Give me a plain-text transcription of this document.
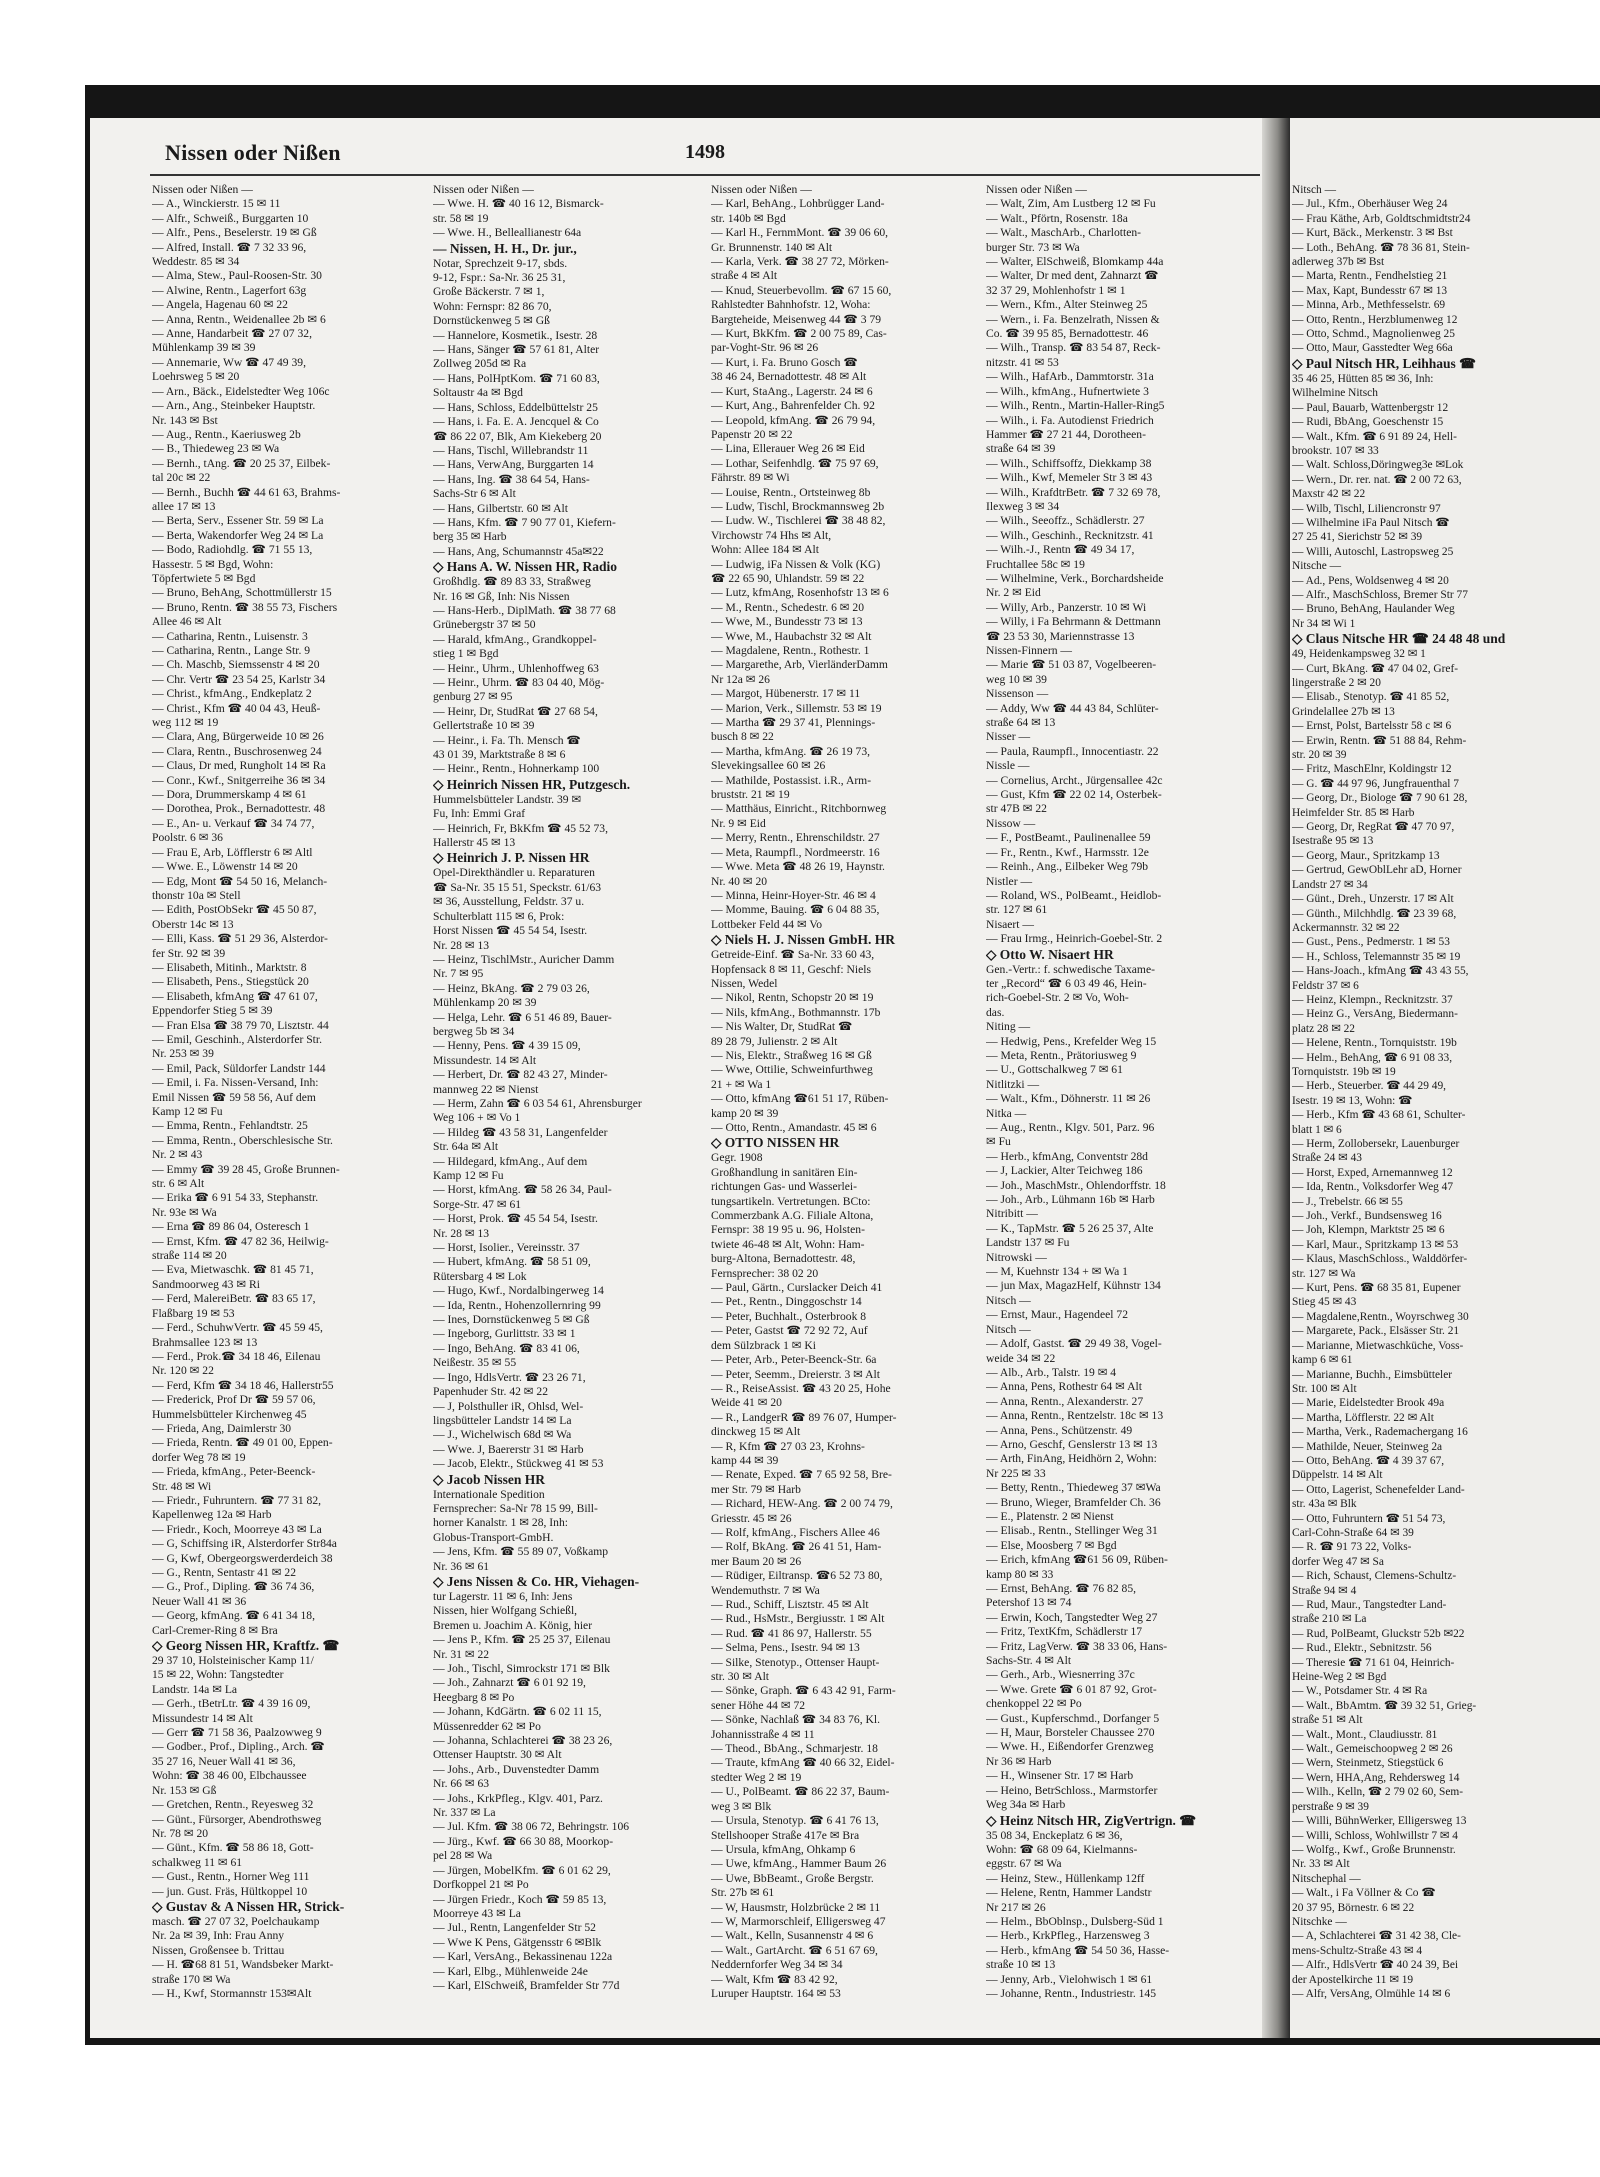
Nissen oder Nißen	1498
Nissen oder Nißen —
— A., Winckierstr. 15 ✉ 11
— Alfr., Schweiß., Burggarten 10
— Alfr., Pens., Beselerstr. 19 ✉ Gß
— Alfred, Install. ☎ 7 32 33 96,
Weddestr. 85 ✉ 34
— Alma, Stew., Paul-Roosen-Str. 30
— Alwine, Rentn., Lagerfort 63g
— Angela, Hagenau 60 ✉ 22
— Anna, Rentn., Weidenallee 2b ✉ 6
— Anne, Handarbeit ☎ 27 07 32,
Mühlenkamp 39 ✉ 39
— Annemarie, Ww ☎ 47 49 39,
Loehrsweg 5 ✉ 20
— Arn., Bäck., Eidelstedter Weg 106c
— Arn., Ang., Steinbeker Hauptstr.
Nr. 143 ✉ Bst
— Aug., Rentn., Kaeriusweg 2b
— B., Thiedeweg 23 ✉ Wa
— Bernh., tAng. ☎ 20 25 37, Eilbek-
tal 20c ✉ 22
— Bernh., Buchh ☎ 44 61 63, Brahms-
allee 17 ✉ 13
— Berta, Serv., Essener Str. 59 ✉ La
— Berta, Wakendorfer Weg 24 ✉ La
— Bodo, Radiohdlg. ☎ 71 55 13,
Hassestr. 5 ✉ Bgd, Wohn:
Töpfertwiete 5 ✉ Bgd
— Bruno, BehAng, Schottmüllerstr 15
— Bruno, Rentn. ☎ 38 55 73, Fischers
Allee 46 ✉ Alt
— Catharina, Rentn., Luisenstr. 3
— Catharina, Rentn., Lange Str. 9
— Ch. Maschb, Siemssenstr 4 ✉ 20
— Chr. Vertr ☎ 23 54 25, Karlstr 34
— Christ., kfmAng., Endkeplatz 2
— Christ., Kfm ☎ 40 04 43, Heuß-
weg 112 ✉ 19
— Clara, Ang, Bürgerweide 10 ✉ 26
— Clara, Rentn., Buschrosenweg 24
— Claus, Dr med, Rungholt 14 ✉ Ra
— Conr., Kwf., Snitgerreihe 36 ✉ 34
— Dora, Drummerskamp 4 ✉ 61
— Dorothea, Prok., Bernadottestr. 48
— E., An- u. Verkauf ☎ 34 74 77,
Poolstr. 6 ✉ 36
— Frau E, Arb, Löfflerstr 6 ✉ Altl
— Wwe. E., Löwenstr 14 ✉ 20
— Edg, Mont ☎ 54 50 16, Melanch-
thonstr 10a ✉ Stell
— Edith, PostObSekr ☎ 45 50 87,
Oberstr 14c ✉ 13
— Elli, Kass. ☎ 51 29 36, Alsterdor-
fer Str. 92 ✉ 39
— Elisabeth, Mitinh., Marktstr. 8
— Elisabeth, Pens., Stiegstück 20
— Elisabeth, kfmAng ☎ 47 61 07,
Eppendorfer Stieg 5 ✉ 39
— Fran Elsa ☎ 38 79 70, Lisztstr. 44
— Emil, Geschinh., Alsterdorfer Str.
Nr. 253 ✉ 39
— Emil, Pack, Süldorfer Landstr 144
— Emil, i. Fa. Nissen-Versand, Inh:
Emil Nissen ☎ 59 58 56, Auf dem
Kamp 12 ✉ Fu
— Emma, Rentn., Fehlandtstr. 25
— Emma, Rentn., Oberschlesische Str.
Nr. 2 ✉ 43
— Emmy ☎ 39 28 45, Große Brunnen-
str. 6 ✉ Alt
— Erika ☎ 6 91 54 33, Stephanstr.
Nr. 93e ✉ Wa
— Erna ☎ 89 86 04, Osteresch 1
— Ernst, Kfm. ☎ 47 82 36, Heilwig-
straße 114 ✉ 20
— Eva, Mietwaschk. ☎ 81 45 71,
Sandmoorweg 43 ✉ Ri
— Ferd, MalereiBetr. ☎ 83 65 17,
Flaßbarg 19 ✉ 53
— Ferd., SchuhwVertr. ☎ 45 59 45,
Brahmsallee 123 ✉ 13
— Ferd., Prok.☎ 34 18 46, Eilenau
Nr. 120 ✉ 22
— Ferd, Kfm ☎ 34 18 46, Hallerstr55
— Frederick, Prof Dr ☎ 59 57 06,
Hummelsbütteler Kirchenweg 45
— Frieda, Ang, Daimlerstr 30
— Frieda, Rentn. ☎ 49 01 00, Eppen-
dorfer Weg 78 ✉ 19
— Frieda, kfmAng., Peter-Beenck-
Str. 48 ✉ Wi
— Friedr., Fuhruntern. ☎ 77 31 82,
Kapellenweg 12a ✉ Harb
— Friedr., Koch, Moorreye 43 ✉ La
— G, Schiffsing iR, Alsterdorfer Str84a
— G, Kwf, Obergeorgswerderdeich 38
— G., Rentn, Sentastr 41 ✉ 22
— G., Prof., Dipling. ☎ 36 74 36,
Neuer Wall 41 ✉ 36
— Georg, kfmAng. ☎ 6 41 34 18,
Carl-Cremer-Ring 8 ✉ Bra
◇ Georg Nissen HR, Kraftfz. ☎
29 37 10, Holsteinischer Kamp 11/
15 ✉ 22, Wohn: Tangstedter
Landstr. 14a ✉ La
— Gerh., tBetrLtr. ☎ 4 39 16 09,
Missundestr 14 ✉ Alt
— Gerr ☎ 71 58 36, Paalzowweg 9
— Godber., Prof., Dipling., Arch. ☎
35 27 16, Neuer Wall 41 ✉ 36,
Wohn: ☎ 38 46 00, Elbchaussee
Nr. 153 ✉ Gß
— Gretchen, Rentn., Reyesweg 32
— Günt., Fürsorger, Abendrothsweg
Nr. 78 ✉ 20
— Günt., Kfm. ☎ 58 86 18, Gott-
schalkweg 11 ✉ 61
— Gust., Rentn., Horner Weg 111
— jun. Gust. Fräs, Hültkoppel 10
◇ Gustav & A Nissen HR, Strick-
masch. ☎ 27 07 32, Poelchaukamp
Nr. 2a ✉ 39, Inh: Frau Anny
Nissen, Großensee b. Trittau
— H. ☎68 81 51, Wandsbeker Markt-
straße 170 ✉ Wa
— H., Kwf, Stormannstr 153✉Alt
Nissen oder Nißen —
— Wwe. H. ☎ 40 16 12, Bismarck-
str. 58 ✉ 19
— Wwe. H., Belleallianestr 64a
— Nissen, H. H., Dr. jur.,
Notar, Sprechzeit 9-17, sbds.
9-12, Fspr.: Sa-Nr. 36 25 31,
Große Bäckerstr. 7 ✉ 1,
Wohn: Fernspr: 82 86 70,
Dornstückenweg 5 ✉ Gß
— Hannelore, Kosmetik., Isestr. 28
— Hans, Sänger ☎ 57 61 81, Alter
Zollweg 205d ✉ Ra
— Hans, PolHptKom. ☎ 71 60 83,
Soltaustr 4a ✉ Bgd
— Hans, Schloss, Eddelbüttelstr 25
— Hans, i. Fa. E. A. Jencquel & Co
☎ 86 22 07, Blk, Am Kiekeberg 20
— Hans, Tischl, Willebrandstr 11
— Hans, VerwAng, Burggarten 14
— Hans, Ing. ☎ 38 64 54, Hans-
Sachs-Str 6 ✉ Alt
— Hans, Gilbertstr. 60 ✉ Alt
— Hans, Kfm. ☎ 7 90 77 01, Kiefern-
berg 35 ✉ Harb
— Hans, Ang, Schumannstr 45a✉22
◇ Hans A. W. Nissen HR, Radio
Großhdlg. ☎ 89 83 33, Straßweg
Nr. 16 ✉ Gß, Inh: Nis Nissen
— Hans-Herb., DiplMath. ☎ 38 77 68
Grünebergstr 37 ✉ 50
— Harald, kfmAng., Grandkoppel-
stieg 1 ✉ Bgd
— Heinr., Uhrm., Uhlenhoffweg 63
— Heinr., Uhrm. ☎ 83 04 40, Mög-
genburg 27 ✉ 95
— Heinr, Dr, StudRat ☎ 27 68 54,
Gellertstraße 10 ✉ 39
— Heinr., i. Fa. Th. Mensch ☎
43 01 39, Marktstraße 8 ✉ 6
— Heinr., Rentn., Hohnerkamp 100
◇ Heinrich Nissen HR, Putzgesch.
Hummelsbütteler Landstr. 39 ✉
Fu, Inh: Emmi Graf
— Heinrich, Fr, BkKfm ☎ 45 52 73,
Hallerstr 45 ✉ 13
◇ Heinrich J. P. Nissen HR
Opel-Direkthändler u. Reparaturen
☎ Sa-Nr. 35 15 51, Speckstr. 61/63
✉ 36, Ausstellung, Feldstr. 37 u.
Schulterblatt 115 ✉ 6, Prok:
Horst Nissen ☎ 45 54 54, Isestr.
Nr. 28 ✉ 13
— Heinz, TischlMstr., Auricher Damm
Nr. 7 ✉ 95
— Heinz, BkAng. ☎ 2 79 03 26,
Mühlenkamp 20 ✉ 39
— Helga, Lehr. ☎ 6 51 46 89, Bauer-
bergweg 5b ✉ 34
— Henny, Pens. ☎ 4 39 15 09,
Missundestr. 14 ✉ Alt
— Herbert, Dr. ☎ 82 43 27, Minder-
mannweg 22 ✉ Nienst
— Herm, Zahn ☎ 6 03 54 61, Ahrensburger
Weg 106 + ✉ Vo 1
— Hildeg ☎ 43 58 31, Langenfelder
Str. 64a ✉ Alt
— Hildegard, kfmAng., Auf dem
Kamp 12 ✉ Fu
— Horst, kfmAng. ☎ 58 26 34, Paul-
Sorge-Str. 47 ✉ 61
— Horst, Prok. ☎ 45 54 54, Isestr.
Nr. 28 ✉ 13
— Horst, Isolier., Vereinsstr. 37
— Hubert, kfmAng. ☎ 58 51 09,
Rütersbarg 4 ✉ Lok
— Hugo, Kwf., Nordalbingerweg 14
— Ida, Rentn., Hohenzollernring 99
— Ines, Dornstückenweg 5 ✉ Gß
— Ingeborg, Gurlittstr. 33 ✉ 1
— Ingo, BehAng. ☎ 83 41 06,
Neißestr. 35 ✉ 55
— Ingo, HdlsVertr. ☎ 23 26 71,
Papenhuder Str. 42 ✉ 22
— J, Polsthuller iR, Ohlsd, Wel-
lingsbütteler Landstr 14 ✉ La
— J., Wichelwisch 68d ✉ Wa
— Wwe. J, Baererstr 31 ✉ Harb
— Jacob, Elektr., Stückweg 41 ✉ 53
◇ Jacob Nissen HR
Internationale Spedition
Fernsprecher: Sa-Nr 78 15 99, Bill-
horner Kanalstr. 1 ✉ 28, Inh:
Globus-Transport-GmbH.
— Jens, Kfm. ☎ 55 89 07, Voßkamp
Nr. 36 ✉ 61
◇ Jens Nissen & Co. HR, Viehagen-
tur Lagerstr. 11 ✉ 6, Inh: Jens
Nissen, hier Wolfgang Schießl,
Bremen u. Joachim A. König, hier
— Jens P., Kfm. ☎ 25 25 37, Eilenau
Nr. 31 ✉ 22
— Joh., Tischl, Simrockstr 171 ✉ Blk
— Joh., Zahnarzt ☎ 6 01 92 19,
Heegbarg 8 ✉ Po
— Johann, KdGärtn. ☎ 6 02 11 15,
Müssenredder 62 ✉ Po
— Johanna, Schlachterei ☎ 38 23 26,
Ottenser Hauptstr. 30 ✉ Alt
— Johs., Arb., Duvenstedter Damm
Nr. 66 ✉ 63
— Johs., KrkPfleg., Klgv. 401, Parz.
Nr. 337 ✉ La
— Jul. Kfm. ☎ 38 06 72, Behringstr. 106
— Jürg., Kwf. ☎ 66 30 88, Moorkop-
pel 28 ✉ Wa
— Jürgen, MobelKfm. ☎ 6 01 62 29,
Dorfkoppel 21 ✉ Po
— Jürgen Friedr., Koch ☎ 59 85 13,
Moorreye 43 ✉ La
— Jul., Rentn, Langenfelder Str 52
— Wwe K Pens, Gätgensstr 6 ✉Blk
— Karl, VersAng., Bekassinenau 122a
— Karl, Elbg., Mühlenweide 24e
— Karl, ElSchweiß, Bramfelder Str 77d
Nissen oder Nißen —
— Karl, BehAng., Lohbrügger Land-
str. 140b ✉ Bgd
— Karl H., FernmMont. ☎ 39 06 60,
Gr. Brunnenstr. 140 ✉ Alt
— Karla, Verk. ☎ 38 27 72, Mörken-
straße 4 ✉ Alt
— Knud, Steuerbevollm. ☎ 67 15 60,
Rahlstedter Bahnhofstr. 12, Woha:
Bargteheide, Meisenweg 44 ☎ 3 79
— Kurt, BkKfm. ☎ 2 00 75 89, Cas-
par-Voght-Str. 96 ✉ 26
— Kurt, i. Fa. Bruno Gosch ☎
38 46 24, Bernadottestr. 48 ✉ Alt
— Kurt, StaAng., Lagerstr. 24 ✉ 6
— Kurt, Ang., Bahrenfelder Ch. 92
— Leopold, kfmAng. ☎ 26 79 94,
Papenstr 20 ✉ 22
— Lina, Ellerauer Weg 26 ✉ Eid
— Lothar, Seifenhdlg. ☎ 75 97 69,
Fährstr. 89 ✉ Wi
— Louise, Rentn., Ortsteinweg 8b
— Ludw, Tischl, Brockmannsweg 2b
— Ludw. W., Tischlerei ☎ 38 48 82,
Virchowstr 74 Hhs ✉ Alt,
Wohn: Allee 184 ✉ Alt
— Ludwig, iFa Nissen & Volk (KG)
☎ 22 65 90, Uhlandstr. 59 ✉ 22
— Lutz, kfmAng, Rosenhofstr 13 ✉ 6
— M., Rentn., Schedestr. 6 ✉ 20
— Wwe, M., Bundesstr 73 ✉ 13
— Wwe, M., Haubachstr 32 ✉ Alt
— Magdalene, Rentn., Rothestr. 1
— Margarethe, Arb, VierländerDamm
Nr 12a ✉ 26
— Margot, Hübenerstr. 17 ✉ 11
— Marion, Verk., Sillemstr. 53 ✉ 19
— Martha ☎ 29 37 41, Plennings-
busch 8 ✉ 22
— Martha, kfmAng. ☎ 26 19 73,
Slevekingsallee 60 ✉ 26
— Mathilde, Postassist. i.R., Arm-
bruststr. 21 ✉ 19
— Matthäus, Einricht., Ritchbornweg
Nr. 9 ✉ Eid
— Merry, Rentn., Ehrenschildstr. 27
— Meta, Raumpfl., Nordmeerstr. 16
— Wwe. Meta ☎ 48 26 19, Haynstr.
Nr. 40 ✉ 20
— Minna, Heinr-Hoyer-Str. 46 ✉ 4
— Momme, Bauing. ☎ 6 04 88 35,
Lottbeker Feld 44 ✉ Vo
◇ Niels H. J. Nissen GmbH. HR
Getreide-Einf. ☎ Sa-Nr. 33 60 43,
Hopfensack 8 ✉ 11, Geschf: Niels
Nissen, Wedel
— Nikol, Rentn, Schopstr 20 ✉ 19
— Nils, kfmAng., Bothmannstr. 17b
— Nis Walter, Dr, StudRat ☎
89 28 79, Julienstr. 2 ✉ Alt
— Nis, Elektr., Straßweg 16 ✉ Gß
— Wwe, Ottilie, Schweinfurthweg
21 + ✉ Wa 1
— Otto, kfmAng ☎61 51 17, Rüben-
kamp 20 ✉ 39
— Otto, Rentn., Amandastr. 45 ✉ 6
◇ OTTO NISSEN HR
Gegr. 1908
Großhandlung in sanitären Ein-
richtungen Gas- und Wasserlei-
tungsartikeln. Vertretungen. BCto:
Commerzbank A.G. Filiale Altona,
Fernspr: 38 19 95 u. 96, Holsten-
twiete 46-48 ✉ Alt, Wohn: Ham-
burg-Altona, Bernadottestr. 48,
Fernsprecher: 38 02 20
— Paul, Gärtn., Curslacker Deich 41
— Pet., Rentn., Dinggoschstr 14
— Peter, Buchhalt., Osterbrook 8
— Peter, Gastst ☎ 72 92 72, Auf
dem Sülzbrack 1 ✉ Ki
— Peter, Arb., Peter-Beenck-Str. 6a
— Peter, Seemm., Dreierstr. 3 ✉ Alt
— R., ReiseAssist. ☎ 43 20 25, Hohe
Weide 41 ✉ 20
— R., LandgerR ☎ 89 76 07, Humper-
dinckweg 15 ✉ Alt
— R, Kfm ☎ 27 03 23, Krohns-
kamp 44 ✉ 39
— Renate, Exped. ☎ 7 65 92 58, Bre-
mer Str. 79 ✉ Harb
— Richard, HEW-Ang. ☎ 2 00 74 79,
Griesstr. 45 ✉ 26
— Rolf, kfmAng., Fischers Allee 46
— Rolf, BkAng. ☎ 26 41 51, Ham-
mer Baum 20 ✉ 26
— Rüdiger, Eiltransp. ☎6 52 73 80,
Wendemuthstr. 7 ✉ Wa
— Rud., Schiff, Lisztstr. 45 ✉ Alt
— Rud., HsMstr., Bergiusstr. 1 ✉ Alt
— Rud. ☎ 41 86 97, Hallerstr. 55
— Selma, Pens., Isestr. 94 ✉ 13
— Silke, Stenotyp., Ottenser Haupt-
str. 30 ✉ Alt
— Sönke, Graph. ☎ 6 43 42 91, Farm-
sener Höhe 44 ✉ 72
— Sönke, Nachlaß ☎ 34 83 76, Kl.
Johannisstraße 4 ✉ 11
— Theod., BbAng., Schmarjestr. 18
— Traute, kfmAng ☎ 40 66 32, Eidel-
stedter Weg 2 ✉ 19
— U., PolBeamt. ☎ 86 22 37, Baum-
weg 3 ✉ Blk
— Ursula, Stenotyp. ☎ 6 41 76 13,
Stellshooper Straße 417e ✉ Bra
— Ursula, kfmAng, Ohkamp 6
— Uwe, kfmAng., Hammer Baum 26
— Uwe, BbBeamt., Große Bergstr.
Str. 27b ✉ 61
— W, Hausmstr, Holzbrücke 2 ✉ 11
— W, Marmorschleif, Elligersweg 47
— Walt., Kelln, Susannenstr 4 ✉ 6
— Walt., GartArcht. ☎ 6 51 67 69,
Neddernforfer Weg 34 ✉ 34
— Walt, Kfm ☎ 83 42 92,
Luruper Hauptstr. 164 ✉ 53
Nissen oder Nißen —
— Walt, Zim, Am Lustberg 12 ✉ Fu
— Walt., Pförtn, Rosenstr. 18a
— Walt., MaschArb., Charlotten-
burger Str. 73 ✉ Wa
— Walter, ElSchweiß, Blomkamp 44a
— Walter, Dr med dent, Zahnarzt ☎
32 37 29, Mohlenhofstr 1 ✉ 1
— Wern., Kfm., Alter Steinweg 25
— Wern., i. Fa. Benzelrath, Nissen &
Co. ☎ 39 95 85, Bernadottestr. 46
— Wilh., Transp. ☎ 83 54 87, Reck-
nitzstr. 41 ✉ 53
— Wilh., HafArb., Dammtorstr. 31a
— Wilh., kfmAng., Hufnertwiete 3
— Wilh., Rentn., Martin-Haller-Ring5
— Wilh., i. Fa. Autodienst Friedrich
Hammer ☎ 27 21 44, Dorotheen-
straße 64 ✉ 39
— Wilh., Schiffsoffz, Diekkamp 38
— Wilh., Kwf, Memeler Str 3 ✉ 43
— Wilh., KrafdtrBetr. ☎ 7 32 69 78,
Ilexweg 3 ✉ 34
— Wilh., Seeoffz., Schädlerstr. 27
— Wilh., Geschinh., Recknitzstr. 41
— Wilh.-J., Rentn ☎ 49 34 17,
Fruchtallee 58c ✉ 19
— Wilhelmine, Verk., Borchardsheide
Nr. 2 ✉ Eid
— Willy, Arb., Panzerstr. 10 ✉ Wi
— Willy, i Fa Behrmann & Dettmann
☎ 23 53 30, Mariennstrasse 13
Nissen-Finnern —
— Marie ☎ 51 03 87, Vogelbeeren-
weg 10 ✉ 39
Nissenson —
— Addy, Ww ☎ 44 43 84, Schlüter-
straße 64 ✉ 13
Nisser —
— Paula, Raumpfl., Innocentiastr. 22
Nissle —
— Cornelius, Archt., Jürgensallee 42c
— Gust, Kfm ☎ 22 02 14, Osterbek-
str 47B ✉ 22
Nissow —
— F., PostBeamt., Paulinenallee 59
— Fr., Rentn., Kwf., Harmsstr. 12e
— Reinh., Ang., Eilbeker Weg 79b
Nistler —
— Roland, WS., PolBeamt., Heidlob-
str. 127 ✉ 61
Nisaert —
— Frau Irmg., Heinrich-Goebel-Str. 2
◇ Otto W. Nisaert HR
Gen.-Vertr.: f. schwedische Taxame-
ter „Record“ ☎ 6 03 49 46, Hein-
rich-Goebel-Str. 2 ✉ Vo, Woh-
das.
Niting —
— Hedwig, Pens., Krefelder Weg 15
— Meta, Rentn., Prätoriusweg 9
— U., Gottschalkweg 7 ✉ 61
Nitlitzki —
— Walt., Kfm., Döhnerstr. 11 ✉ 26
Nitka —
— Aug., Rentn., Klgv. 501, Parz. 96
✉ Fu
— Herb., kfmAng, Conventstr 28d
— J, Lackier, Alter Teichweg 186
— Joh., MaschMstr., Ohlendorffstr. 18
— Joh., Arb., Lühmann 16b ✉ Harb
Nitribitt —
— K., TapMstr. ☎ 5 26 25 37, Alte
Landstr 137 ✉ Fu
Nitrowski —
— M, Kuehnstr 134 + ✉ Wa 1
— jun Max, MagazHelf, Kühnstr 134
Nitsch —
— Ernst, Maur., Hagendeel 72
Nitsch —
— Adolf, Gastst. ☎ 29 49 38, Vogel-
weide 34 ✉ 22
— Alb., Arb., Talstr. 19 ✉ 4
— Anna, Pens, Rothestr 64 ✉ Alt
— Anna, Rentn., Alexanderstr. 27
— Anna, Rentn., Rentzelstr. 18c ✉ 13
— Anna, Pens., Schützenstr. 49
— Arno, Geschf, Genslerstr 13 ✉ 13
— Arth, FinAng, Heidhörn 2, Wohn:
Nr 225 ✉ 33
— Betty, Rentn., Thiedeweg 37 ✉Wa
— Bruno, Wieger, Bramfelder Ch. 36
— E., Platenstr. 2 ✉ Nienst
— Elisab., Rentn., Stellinger Weg 31
— Else, Moosberg 7 ✉ Bgd
— Erich, kfmAng ☎61 56 09, Rüben-
kamp 80 ✉ 33
— Ernst, BehAng. ☎ 76 82 85,
Petershof 13 ✉ 74
— Erwin, Koch, Tangstedter Weg 27
— Fritz, TextKfm, Schädlerstr 17
— Fritz, LagVerw. ☎ 38 33 06, Hans-
Sachs-Str. 4 ✉ Alt
— Gerh., Arb., Wiesnerring 37c
— Wwe. Grete ☎ 6 01 87 92, Grot-
chenkoppel 22 ✉ Po
— Gust., Kupferschmd., Dorfanger 5
— H, Maur, Borsteler Chaussee 270
— Wwe. H., Eißendorfer Grenzweg
Nr 36 ✉ Harb
— H., Winsener Str. 17 ✉ Harb
— Heino, BetrSchloss., Marmstorfer
Weg 34a ✉ Harb
◇ Heinz Nitsch HR, ZigVertrign. ☎
35 08 34, Enckeplatz 6 ✉ 36,
Wohn: ☎ 68 09 64, Kielmanns-
eggstr. 67 ✉ Wa
— Heinz, Stew., Hüllenkamp 12ff
— Helene, Rentn, Hammer Landstr
Nr 217 ✉ 26
— Helm., BbOblnsp., Dulsberg-Süd 1
— Herb., KrkPfleg., Harzensweg 3
— Herb., kfmAng ☎ 54 50 36, Hasse-
straße 10 ✉ 13
— Jenny, Arb., Vielohwisch 1 ✉ 61
— Johanne, Rentn., Industriestr. 145
Nitsch —
— Jul., Kfm., Oberhäuser Weg 24
— Frau Käthe, Arb, Goldtschmidtstr24
— Kurt, Bäck., Merkenstr. 3 ✉ Bst
— Loth., BehAng. ☎ 78 36 81, Stein-
adlerweg 37b ✉ Bst
— Marta, Rentn., Fendhelstieg 21
— Max, Kapt, Bundesstr 67 ✉ 13
— Minna, Arb., Methfesselstr. 69
— Otto, Rentn., Herzblumenweg 12
— Otto, Schmd., Magnolienweg 25
— Otto, Maur, Gasstedter Weg 66a
◇ Paul Nitsch HR, Leihhaus ☎
35 46 25, Hütten 85 ✉ 36, Inh:
Wilhelmine Nitsch
— Paul, Bauarb, Wattenbergstr 12
— Rudi, BbAng, Goeschenstr 15
— Walt., Kfm. ☎ 6 91 89 24, Hell-
brookstr. 107 ✉ 33
— Walt. Schloss,Döringweg3e ✉Lok
— Wern., Dr. rer. nat. ☎ 2 00 72 63,
Maxstr 42 ✉ 22
— Wilb, Tischl, Liliencronstr 97
— Wilhelmine iFa Paul Nitsch ☎
27 25 41, Sierichstr 52 ✉ 39
— Willi, Autoschl, Lastropsweg 25
Nitsche —
— Ad., Pens, Woldsenweg 4 ✉ 20
— Alfr., MaschSchloss, Bremer Str 77
— Bruno, BehAng, Haulander Weg
Nr 34 ✉ Wi 1
◇ Claus Nitsche HR ☎ 24 48 48 und
49, Heidenkampsweg 32 ✉ 1
— Curt, BkAng. ☎ 47 04 02, Gref-
lingerstraße 2 ✉ 20
— Elisab., Stenotyp. ☎ 41 85 52,
Grindelallee 27b ✉ 13
— Ernst, Polst, Bartelsstr 58 c ✉ 6
— Erwin, Rentn. ☎ 51 88 84, Rehm-
str. 20 ✉ 39
— Fritz, MaschElnr, Koldingstr 12
— G. ☎ 44 97 96, Jungfrauenthal 7
— Georg, Dr., Biologe ☎ 7 90 61 28,
Heimfelder Str. 85 ✉ Harb
— Georg, Dr, RegRat ☎ 47 70 97,
Isestraße 95 ✉ 13
— Georg, Maur., Spritzkamp 13
— Gertrud, GewOblLehr aD, Horner
Landstr 27 ✉ 34
— Günt., Dreh., Unzerstr. 17 ✉ Alt
— Günth., Milchhdlg. ☎ 23 39 68,
Ackermannstr. 32 ✉ 22
— Gust., Pens., Pedmerstr. 1 ✉ 53
— H., Schloss, Telemannstr 35 ✉ 19
— Hans-Joach., kfmAng ☎ 43 43 55,
Feldstr 37 ✉ 6
— Heinz, Klempn., Recknitzstr. 37
— Heinz G., VersAng, Biedermann-
platz 28 ✉ 22
— Helene, Rentn., Tornquiststr. 19b
— Helm., BehAng, ☎ 6 91 08 33,
Tornquiststr. 19b ✉ 19
— Herb., Steuerber. ☎ 44 29 49,
Isestr. 19 ✉ 13, Wohn: ☎
— Herb., Kfm ☎ 43 68 61, Schulter-
blatt 1 ✉ 6
— Herm, Zollobersekr, Lauenburger
Straße 24 ✉ 43
— Horst, Exped, Arnemannweg 12
— Ida, Rentn., Volksdorfer Weg 47
— J., Trebelstr. 66 ✉ 55
— Joh., Verkf., Bundsensweg 16
— Joh, Klempn, Marktstr 25 ✉ 6
— Karl, Maur., Spritzkamp 13 ✉ 53
— Klaus, MaschSchloss., Walddörfer-
str. 127 ✉ Wa
— Kurt, Pens. ☎ 68 35 81, Eupener
Stieg 45 ✉ 43
— Magdalene,Rentn., Woyrschweg 30
— Margarete, Pack., Elsässer Str. 21
— Marianne, Mietwaschküche, Voss-
kamp 6 ✉ 61
— Marianne, Buchh., Eimsbütteler
Str. 100 ✉ Alt
— Marie, Eidelstedter Brook 49a
— Martha, Löfflerstr. 22 ✉ Alt
— Martha, Verk., Rademachergang 16
— Mathilde, Neuer, Steinweg 2a
— Otto, BehAng. ☎ 4 39 37 67,
Düppelstr. 14 ✉ Alt
— Otto, Lagerist, Schenefelder Land-
str. 43a ✉ Blk
— Otto, Fuhruntern ☎ 51 54 73,
Carl-Cohn-Straße 64 ✉ 39
— R. ☎ 91 73 22, Volks-
dorfer Weg 47 ✉ Sa
— Rich, Schaust, Clemens-Schultz-
Straße 94 ✉ 4
— Rud, Maur., Tangstedter Land-
straße 210 ✉ La
— Rud, PolBeamt, Gluckstr 52b ✉22
— Rud., Elektr., Sebnitzstr. 56
— Theresie ☎ 71 61 04, Heinrich-
Heine-Weg 2 ✉ Bgd
— W., Potsdamer Str. 4 ✉ Ra
— Walt., BbAmtm. ☎ 39 32 51, Grieg-
straße 51 ✉ Alt
— Walt., Mont., Claudiusstr. 81
— Walt., Gemeischoopweg 2 ✉ 26
— Wern, Steinmetz, Stiegstück 6
— Wern, HHA,Ang, Rehdersweg 14
— Wilh., Kelln, ☎ 2 79 02 60, Sem-
perstraße 9 ✉ 39
— Willi, BühnWerker, Elligersweg 13
— Willi, Schloss, Wohlwillstr 7 ✉ 4
— Wolfg., Kwf., Große Brunnenstr.
Nr. 33 ✉ Alt
Nitschephal —
— Walt., i Fa Völlner & Co ☎
20 37 95, Börnestr. 6 ✉ 22
Nitschke —
— A, Schlachterei ☎ 31 42 38, Cle-
mens-Schultz-Straße 43 ✉ 4
— Alfr., HdlsVertr ☎ 40 24 39, Bei
der Apostelkirche 11 ✉ 19
— Alfr, VersAng, Olmühle 14 ✉ 6
